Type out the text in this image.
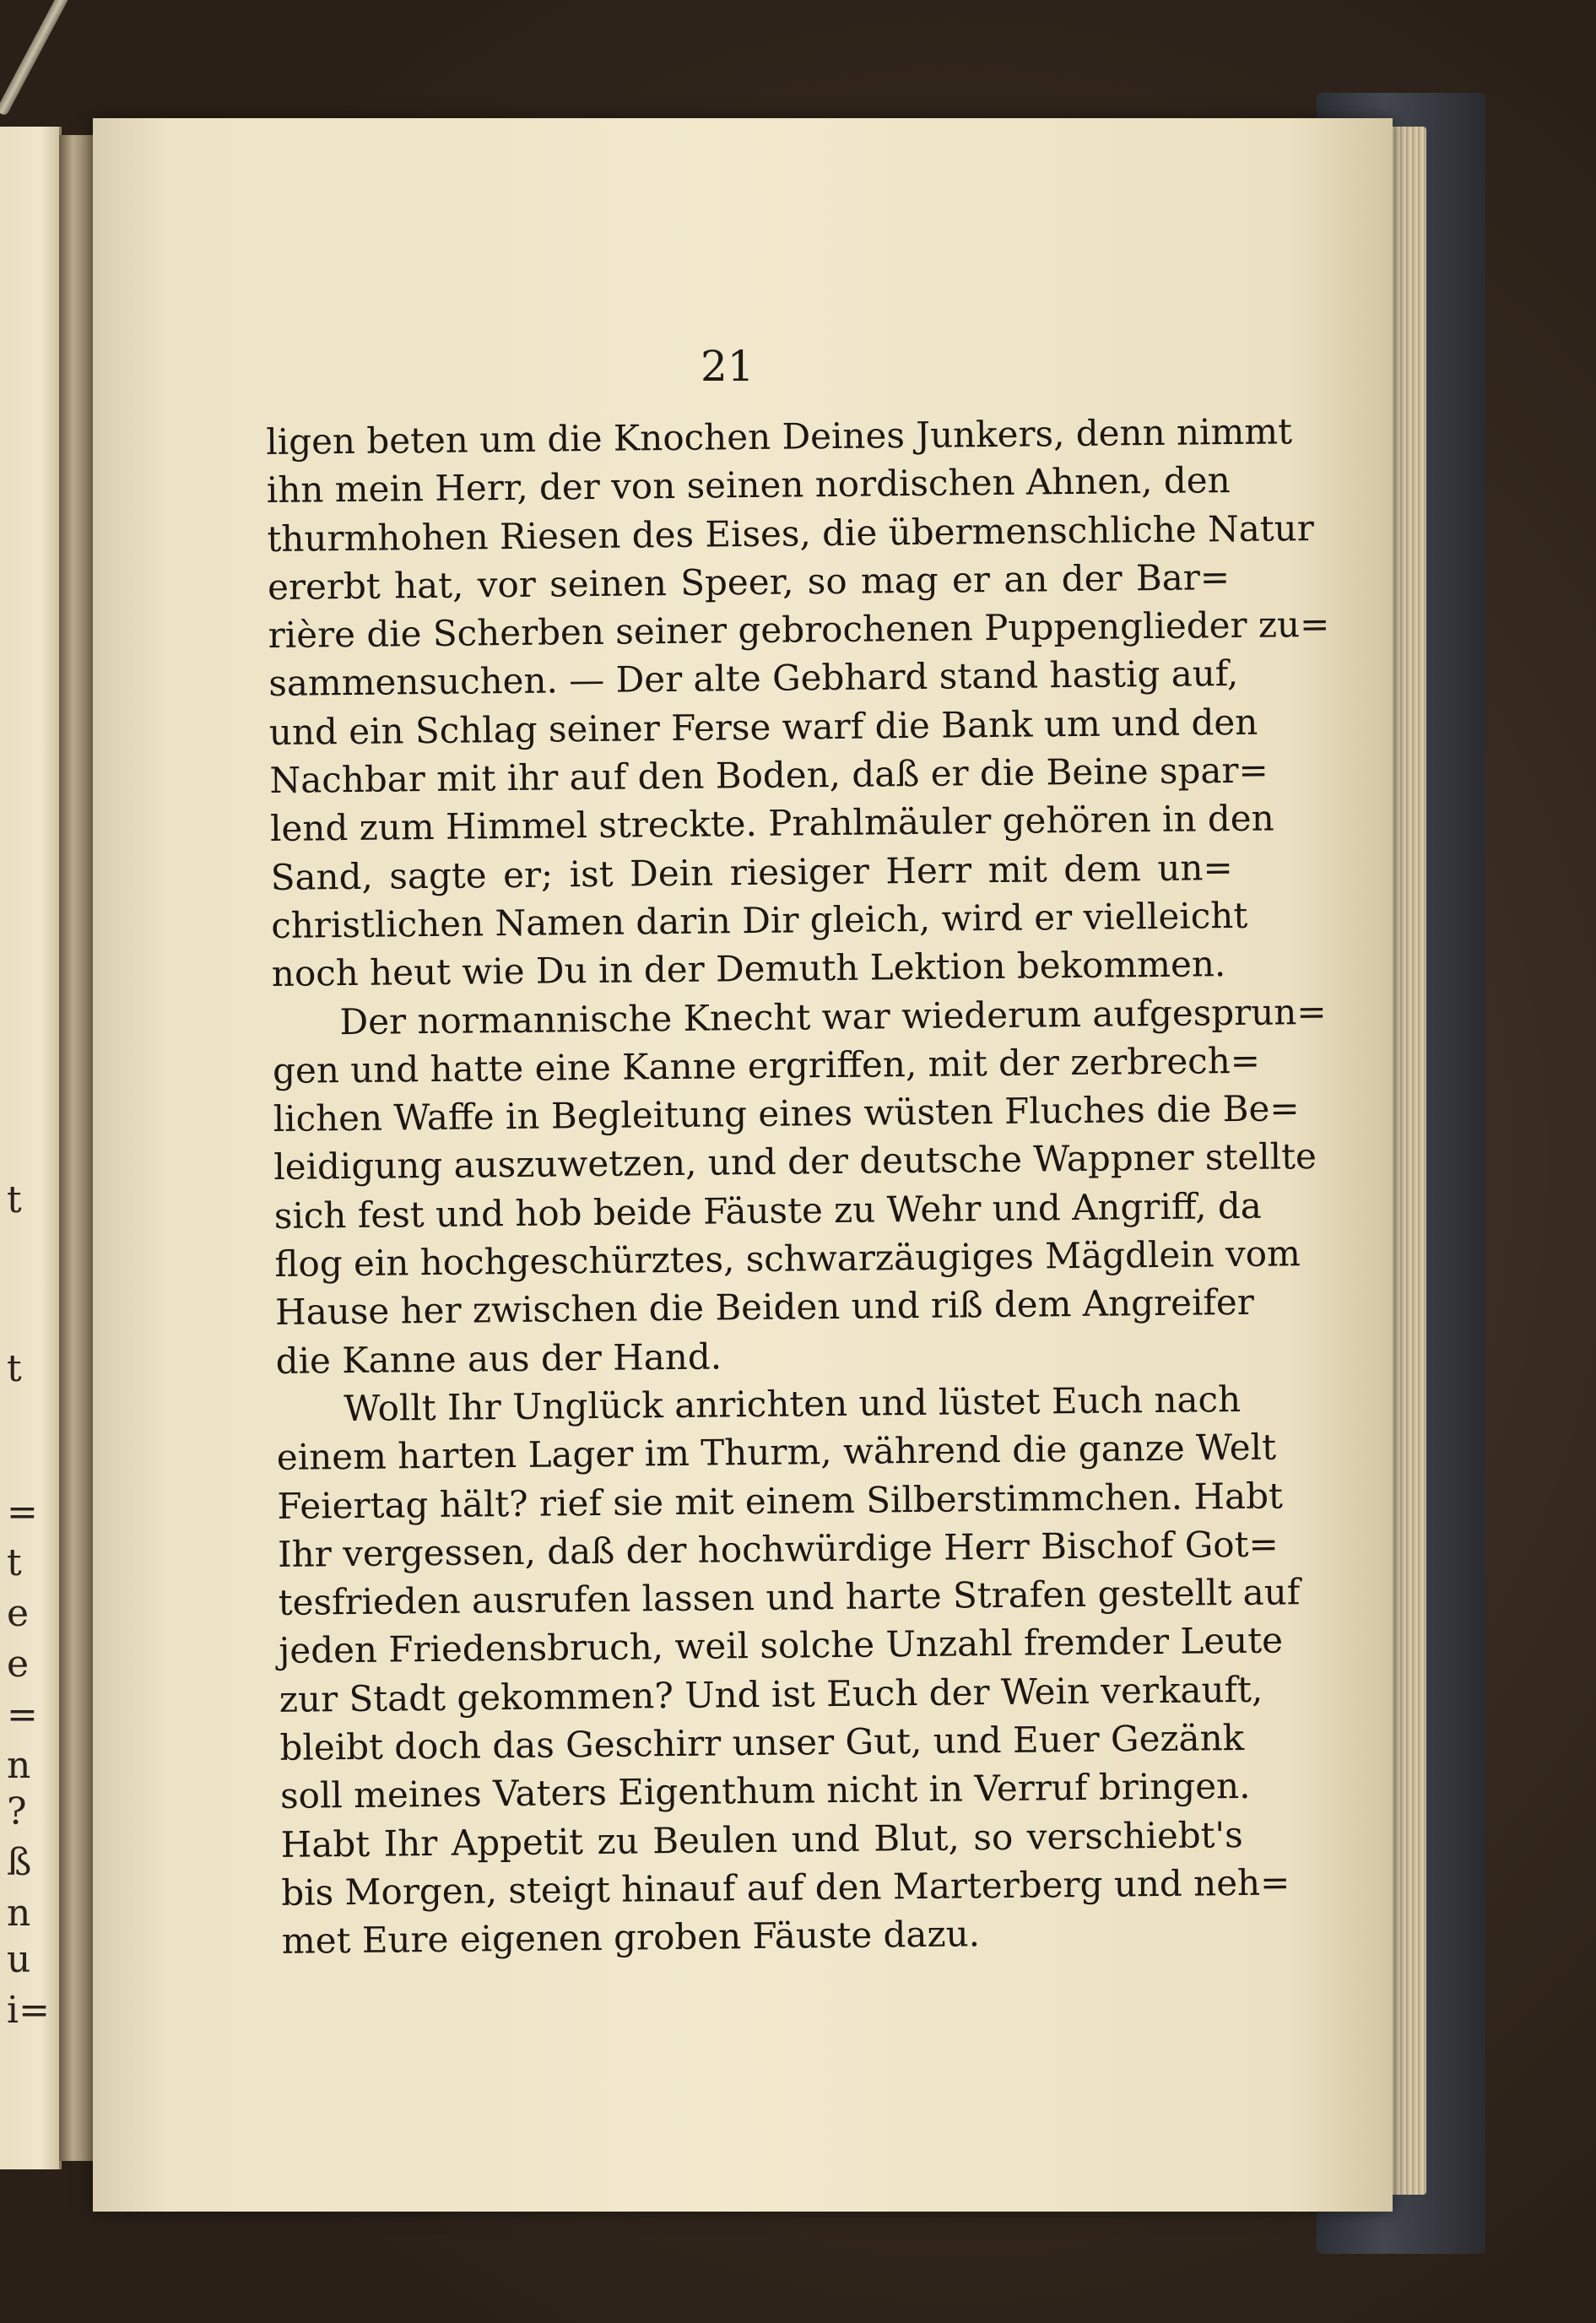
t
t
=
t
e
e
=
n
?
ß
n
u
i=
21
ligen beten um die Knochen Deines Junkers, denn nimmt
ihn mein Herr, der von seinen nordischen Ahnen, den
thurmhohen Riesen des Eises, die übermenschliche Natur
ererbt hat, vor seinen Speer, so mag er an der Bar=
rière die Scherben seiner gebrochenen Puppenglieder zu=
sammensuchen. — Der alte Gebhard stand hastig auf,
und ein Schlag seiner Ferse warf die Bank um und den
Nachbar mit ihr auf den Boden, daß er die Beine spar=
lend zum Himmel streckte. Prahlmäuler gehören in den
Sand, sagte er; ist Dein riesiger Herr mit dem un=
christlichen Namen darin Dir gleich, wird er vielleicht
noch heut wie Du in der Demuth Lektion bekommen.
Der normannische Knecht war wiederum aufgesprun=
gen und hatte eine Kanne ergriffen, mit der zerbrech=
lichen Waffe in Begleitung eines wüsten Fluches die Be=
leidigung auszuwetzen, und der deutsche Wappner stellte
sich fest und hob beide Fäuste zu Wehr und Angriff, da
flog ein hochgeschürztes, schwarzäugiges Mägdlein vom
Hause her zwischen die Beiden und riß dem Angreifer
die Kanne aus der Hand.
Wollt Ihr Unglück anrichten und lüstet Euch nach
einem harten Lager im Thurm, während die ganze Welt
Feiertag hält? rief sie mit einem Silberstimmchen. Habt
Ihr vergessen, daß der hochwürdige Herr Bischof Got=
tesfrieden ausrufen lassen und harte Strafen gestellt auf
jeden Friedensbruch, weil solche Unzahl fremder Leute
zur Stadt gekommen? Und ist Euch der Wein verkauft,
bleibt doch das Geschirr unser Gut, und Euer Gezänk
soll meines Vaters Eigenthum nicht in Verruf bringen.
Habt Ihr Appetit zu Beulen und Blut, so verschiebt's
bis Morgen, steigt hinauf auf den Marterberg und neh=
met Eure eigenen groben Fäuste dazu.
